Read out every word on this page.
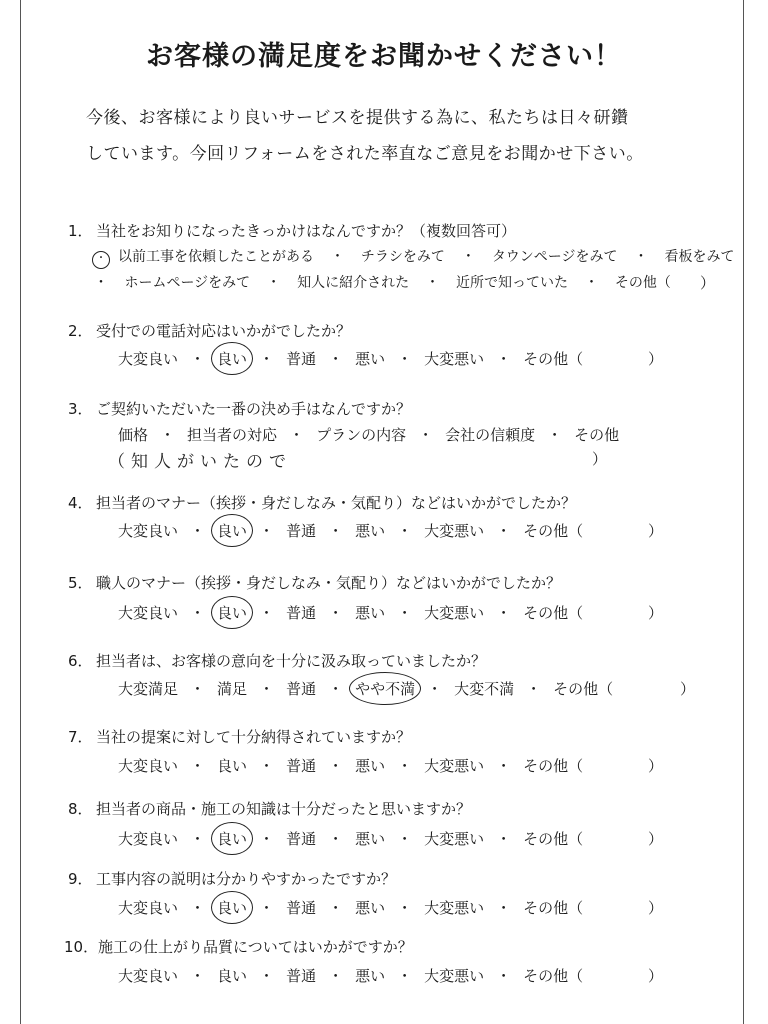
お客様の満足度をお聞かせください！
今後、お客様により良いサービスを提供する為に、私たちは日々研鑽
しています。今回リフォームをされた率直なご意見をお聞かせ下さい。
1． 当社をお知りになったきっかけはなんですか？（複数回答可）
・ 以前工事を依頼したことがある ・ チラシをみて ・ タウンページをみて ・ 看板をみて
・ ホームページをみて ・ 知人に紹介された ・ 近所で知っていた ・ その他（ ）
2． 受付での電話対応はいかがでしたか？
大変良い ・ 良い ・ 普通 ・ 悪い ・ 大変悪い ・ その他（	）
3． ご契約いただいた一番の決め手はなんですか？
価格 ・ 担当者の対応 ・ プランの内容 ・ 会社の信頼度 ・ その他
（知人がいたので	）
4． 担当者のマナー（挨拶・身だしなみ・気配り）などはいかがでしたか？
大変良い ・ 良い ・ 普通 ・ 悪い ・ 大変悪い ・ その他（	）
5． 職人のマナー（挨拶・身だしなみ・気配り）などはいかがでしたか？
大変良い ・ 良い ・ 普通 ・ 悪い ・ 大変悪い ・ その他（	）
6． 担当者は、お客様の意向を十分に汲み取っていましたか？
大変満足 ・ 満足 ・ 普通 ・ やや不満 ・ 大変不満 ・ その他（	）
7． 当社の提案に対して十分納得されていますか？
大変良い ・ 良い ・ 普通 ・ 悪い ・ 大変悪い ・ その他（	）
8． 担当者の商品・施工の知識は十分だったと思いますか？
大変良い ・ 良い ・ 普通 ・ 悪い ・ 大変悪い ・ その他（	）
9． 工事内容の説明は分かりやすかったですか？
大変良い ・ 良い ・ 普通 ・ 悪い ・ 大変悪い ・ その他（	）
10．施工の仕上がり品質についてはいかがですか？
大変良い ・ 良い ・ 普通 ・ 悪い ・ 大変悪い ・ その他（	）
